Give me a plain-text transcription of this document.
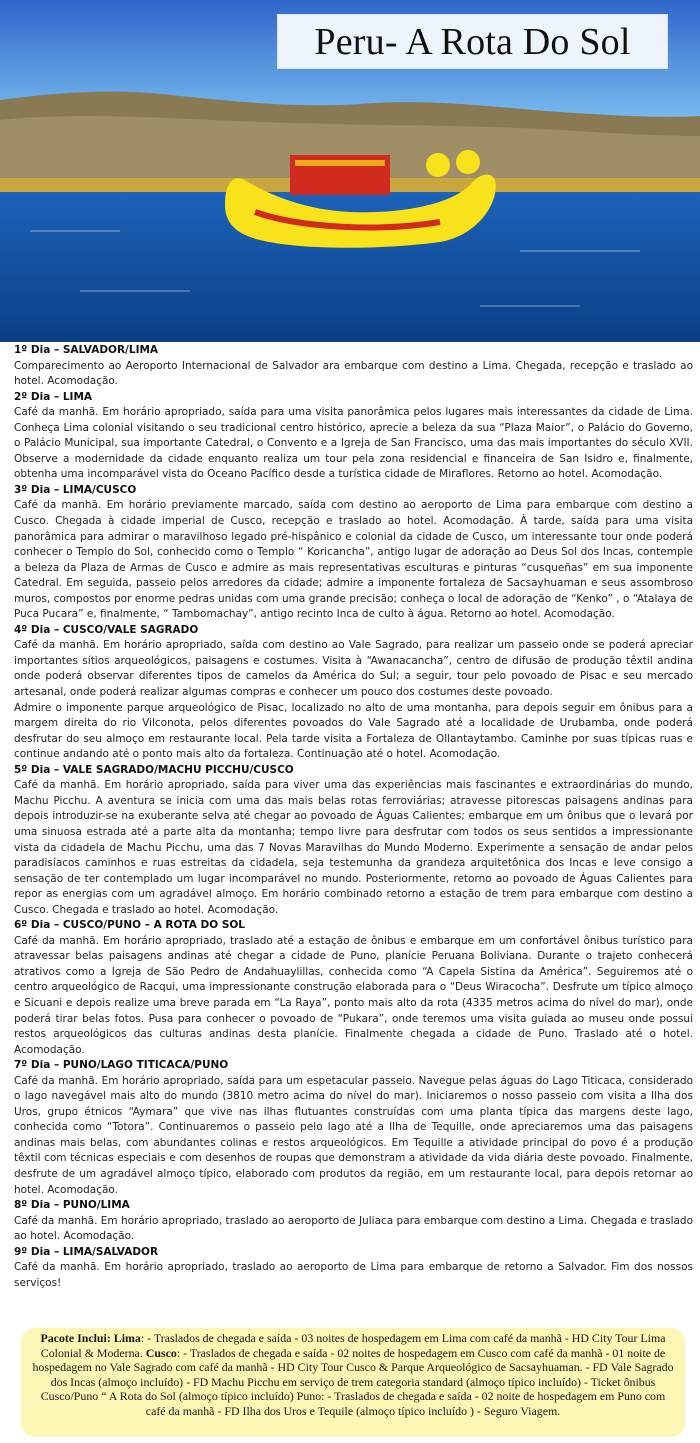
Peru- A Rota Do Sol
1º Dia – SALVADOR/LIMA

Comparecimento ao Aeroporto Internacional de Salvador ara embarque com destino a Lima. Chegada, recepção e traslado ao hotel. Acomodação.

2º Dia – LIMA

Café da manhã. Em horário apropriado, saída para uma visita panorâmica pelos lugares mais interessantes da cidade de Lima. Conheça Lima colonial visitando o seu tradicional centro histórico, aprecie a beleza da sua “Plaza Maior”, o Palácio do Governo, o Palácio Municipal, sua importante Catedral, o Convento e a Igreja de San Francisco, uma das mais importantes do século XVII. Observe a modernidade da cidade enquanto realiza um tour pela zona residencial e financeira de San Isidro e, finalmente, obtenha uma incomparável vista do Oceano Pacífico desde a turística cidade de Miraflores. Retorno ao hotel. Acomodação.

3º Dia – LIMA/CUSCO

Café da manhã. Em horário previamente marcado, saída com destino ao aeroporto de Lima para embarque com destino a Cusco. Chegada à cidade imperial de Cusco, recepção e traslado ao hotel. Acomodação. À tarde, saída para uma visita panorâmica para admirar o maravilhoso legado pré-hispânico e colonial da cidade de Cusco, um interessante tour onde poderá conhecer o Templo do Sol, conhecido como o Templo “ Koricancha”, antigo lugar de adoração ao Deus Sol dos Incas, contemple a beleza da Plaza de Armas de Cusco e admire as mais representativas esculturas e pinturas “cusqueñas” em sua imponente Catedral. Em seguida, passeio pelos arredores da cidade; admire a imponente fortaleza de Sacsayhuaman e seus assombroso muros, compostos por enorme pedras unidas com uma grande precisão; conheça o local de adoração de “Kenko” , o “Atalaya de Puca Pucara” e, finalmente, “ Tambomachay”, antigo recinto Inca de culto à água. Retorno ao hotel. Acomodação.

4º Dia – CUSCO/VALE SAGRADO

Café da manhã. Em horário apropriado, saída com destino ao Vale Sagrado, para realizar um passeio onde se poderá apreciar importantes sítios arqueológicos, paisagens e costumes. Visita à “Awanacancha”, centro de difusão de produção têxtil andina onde poderá observar diferentes tipos de camelos da América do Sul; a seguir, tour pelo povoado de Pisac e seu mercado artesanal, onde poderá realizar algumas compras e conhecer um pouco dos costumes deste povoado.

Admire o imponente parque arqueológico de Pisac, localizado no alto de uma montanha, para depois seguir em ônibus para a margem direita do rio Vilconota, pelos diferentes povoados do Vale Sagrado até a localidade de Urubamba, onde poderá desfrutar do seu almoço em restaurante local. Pela tarde visita a Fortaleza de Ollantaytambo. Caminhe por suas típicas ruas e continue andando até o ponto mais alto da fortaleza. Continuação até o hotel. Acomodação.

5º Dia – VALE SAGRADO/MACHU PICCHU/CUSCO

Café da manhã. Em horário apropriado, saída para viver uma das experiências mais fascinantes e extraordinárias do mundo, Machu Picchu. A aventura se inicia com uma das mais belas rotas ferroviárias; atravesse pitorescas paisagens andinas para depois introduzir-se na exuberante selva até chegar ao povoado de Águas Calientes; embarque em um ônibus que o levará por uma sinuosa estrada até a parte alta da montanha; tempo livre para desfrutar com todos os seus sentidos a impressionante vista da cidadela de Machu Picchu, uma das 7 Novas Maravilhas do Mundo Moderno. Experimente a sensação de andar pelos paradisíacos caminhos e ruas estreitas da cidadela, seja testemunha da grandeza arquitetônica dos Incas e leve consigo a sensação de ter contemplado um lugar incomparável no mundo. Posteriormente, retorno ao povoado de Águas Calientes para repor as energias com um agradável almoço. Em horário combinado retorno a estação de trem para embarque com destino a Cusco. Chegada e traslado ao hotel. Acomodação.

6º Dia – CUSCO/PUNO – A ROTA DO SOL

Café da manhã. Em horário apropriado, traslado até a estação de ônibus e embarque em um confortável ônibus turístico para atravessar belas paisagens andinas até chegar a cidade de Puno, planície Peruana Boliviana. Durante o trajeto conhecerá atrativos como a Igreja de São Pedro de Andahuaylillas, conhecida como “A Capela Sistina da América”. Seguiremos até o centro arqueológico de Racqui, uma impressionante construção elaborada para o “Deus Wiracocha”. Desfrute um típico almoço e Sicuani e depois realize uma breve parada em “La Raya”, ponto mais alto da rota (4335 metros acima do nível do mar), onde poderá tirar belas fotos. Pusa para conhecer o povoado de “Pukara”, onde teremos uma visita guiada ao museu onde possui restos arqueológicos das culturas andinas desta planície. Finalmente chegada a cidade de Puno. Traslado até o hotel. Acomodação.

7º Dia – PUNO/LAGO TITICACA/PUNO

Café da manhã. Em horário apropriado, saída para um espetacular passeio. Navegue pelas águas do Lago Titicaca, considerado o lago navegável mais alto do mundo (3810 metro acima do nível do mar). Iniciaremos o nosso passeio com visita a Ilha dos Uros, grupo étnicos “Aymara” que vive nas ilhas flutuantes construídas com uma planta típica das margens deste lago, conhecida como “Totora”. Continuaremos o passeio pelo lago até a Ilha de Tequille, onde apreciaremos uma das paisagens andinas mais belas, com abundantes colinas e restos arqueológicos. Em Tequille a atividade principal do povo é a produção têxtil com técnicas especiais e com desenhos de roupas que demonstram a atividade da vida diária deste povoado. Finalmente, desfrute de um agradável almoço típico, elaborado com produtos da região, em um restaurante local, para depois retornar ao hotel. Acomodação.

8º Dia – PUNO/LIMA

Café da manhã. Em horário apropriado, traslado ao aeroporto de Juliaca para embarque com destino a Lima. Chegada e traslado ao hotel. Acomodação.

9º Dia – LIMA/SALVADOR

Café da manhã. Em horário apropriado, traslado ao aeroporto de Lima para embarque de retorno a Salvador. Fim dos nossos serviços!

Pacote Inclui: Lima: - Traslados de chegada e saída - 03 noites de hospedagem em Lima com café da manhã - HD City Tour Lima Colonial & Moderna. Cusco: - Traslados de chegada e saída - 02 noites de hospedagem em Cusco com café da manhã - 01 noite de hospedagem no Vale Sagrado com café da manhã - HD City Tour Cusco & Parque Arqueológico de Sacsayhuaman. - FD Vale Sagrado dos Incas (almoço incluído) - FD Machu Picchu em serviço de trem categoria standard (almoço típico incluído) - Ticket ônibus Cusco/Puno “ A Rota do Sol (almoço típico incluído) Puno: - Traslados de chegada e saída - 02 noite de hospedagem em Puno com café da manhã - FD Ilha dos Uros e Tequile (almoço típico incluído ) - Seguro Viagem.
